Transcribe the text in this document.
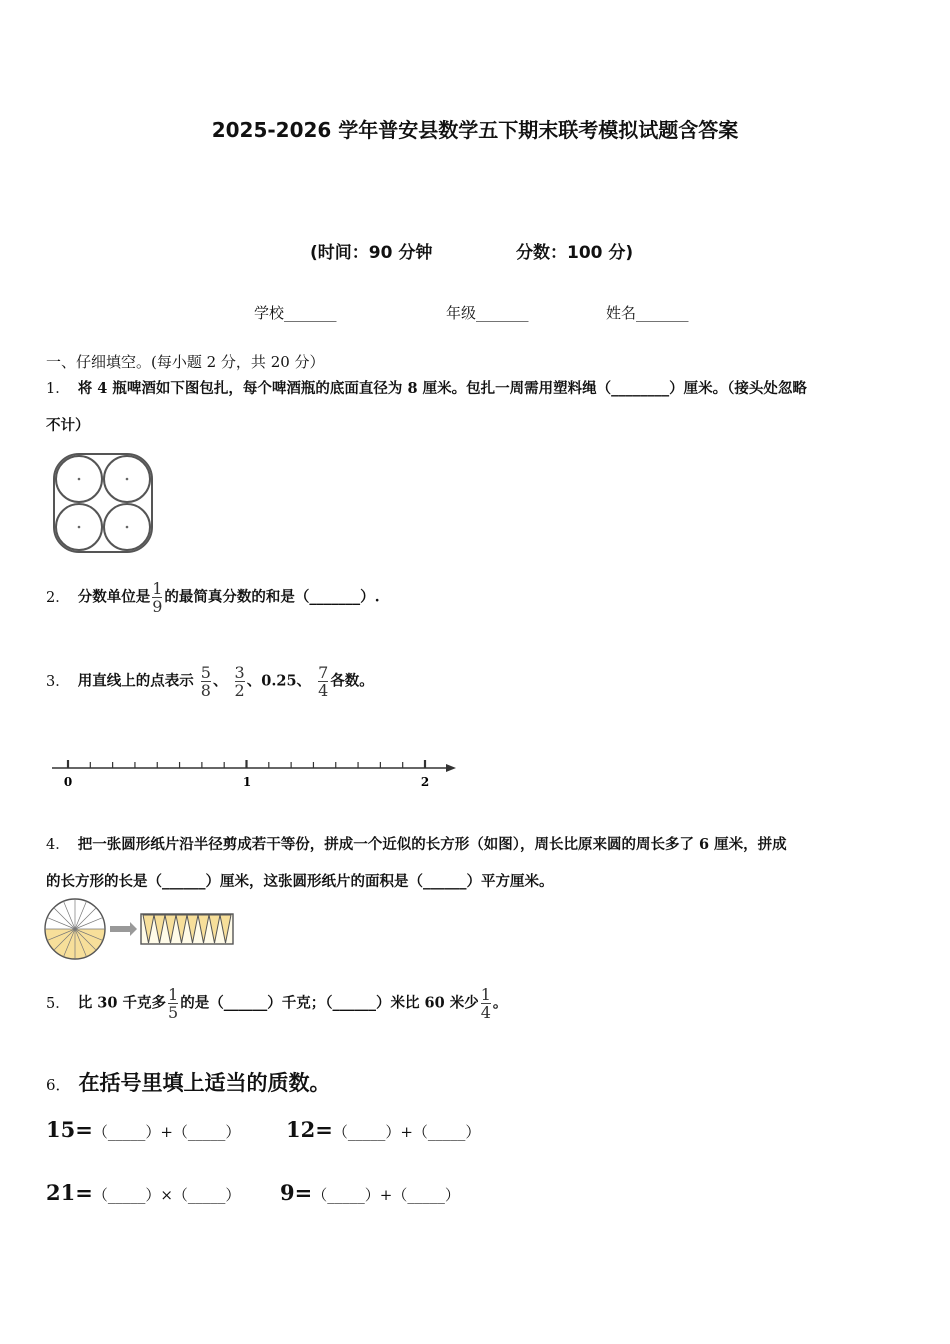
2025-2026 学年普安县数学五下期末联考模拟试题含答案
(时间：90 分钟	分数：100 分)
学校_______	年级_______	姓名_______
一、仔细填空。(每小题 2 分，共 20 分）
1． 将 4 瓶啤酒如下图包扎，每个啤酒瓶的底面直径为 8 厘米。包扎一周需用塑料绳（________）厘米。（接头处忽略
不计）
2． 分数单位是 $\frac{1}{9}$ 的最简真分数的和是（_______）.
3． 用直线上的点表示 $\frac{5}{8}$ 、 $\frac{3}{2}$ 、0.25、 $\frac{7}{4}$ 各数。
0	1	2
4． 把一张圆形纸片沿半径剪成若干等份，拼成一个近似的长方形（如图），周长比原来圆的周长多了 6 厘米，拼成
的长方形的长是（______）厘米，这张圆形纸片的面积是（______）平方厘米。
5． 比 30 千克多 $\frac{1}{5}$ 的是（______）千克；（______）米比 60 米少 $\frac{1}{4}$ 。
6． 在括号里填上适当的质数。
15=（_____）+（_____） 12=（_____）+（_____）
21=（_____）×（_____） 9=（_____）+（_____）
